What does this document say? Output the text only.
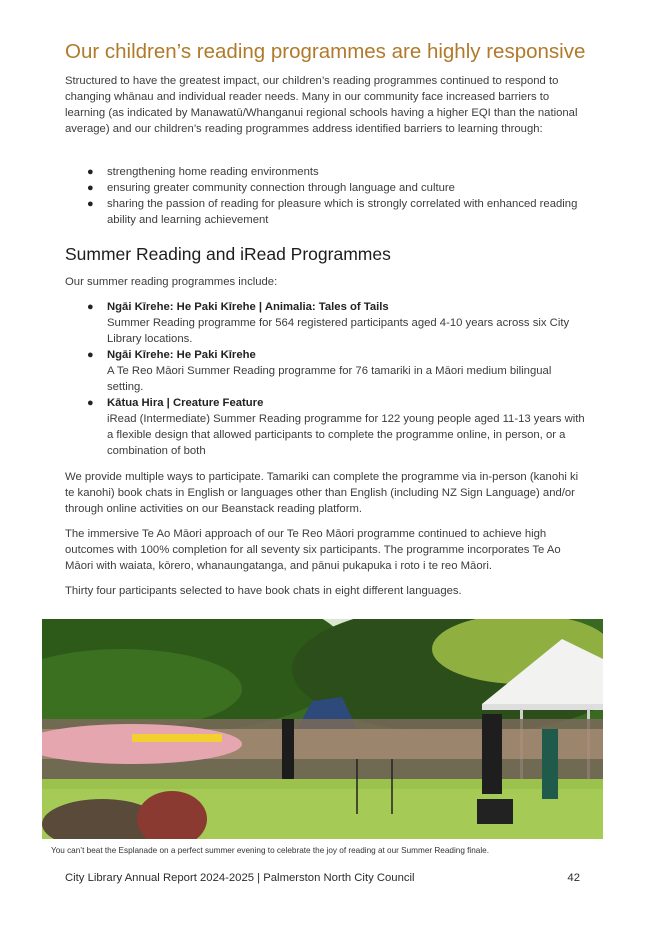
Our children’s reading programmes are highly responsive

Structured to have the greatest impact, our children’s reading programmes continued to respond to changing whānau and individual reader needs. Many in our community face increased barriers to learning (as indicated by Manawatū/Whanganui regional schools having a higher EQI than the national average) and our children’s reading programmes address identified barriers to learning through:

● strengthening home reading environments
● ensuring greater community connection through language and culture
● sharing the passion of reading for pleasure which is strongly correlated with enhanced reading ability and learning achievement
Summer Reading and iRead Programmes

Our summer reading programmes include:

● Ngāi Kīrehe: He Paki Kīrehe | Animalia: Tales of Tails
Summer Reading programme for 564 registered participants aged 4-10 years across six City Library locations.
● Ngāi Kīrehe: He Paki Kīrehe
A Te Reo Māori Summer Reading programme for 76 tamariki in a Māori medium bilingual setting.
● Kātua Hira | Creature Feature
iRead (Intermediate) Summer Reading programme for 122 young people aged 11-13 years with a flexible design that allowed participants to complete the programme online, in person, or a combination of both

We provide multiple ways to participate. Tamariki can complete the programme via in-person (kanohi ki te kanohi) book chats in English or languages other than English (including NZ Sign Language) and/or through online activities on our Beanstack reading platform.

The immersive Te Ao Māori approach of our Te Reo Māori programme continued to achieve high outcomes with 100% completion for all seventy six participants. The programme incorporates Te Ao Māori with waiata, kōrero, whanaungatanga, and pānui pukapuka i roto i te reo Māori.

Thirty four participants selected to have book chats in eight different languages.

You can’t beat the Esplanade on a perfect summer evening to celebrate the joy of reading at our Summer Reading finale.

City Library Annual Report 2024-2025 | Palmerston North City Council	42
